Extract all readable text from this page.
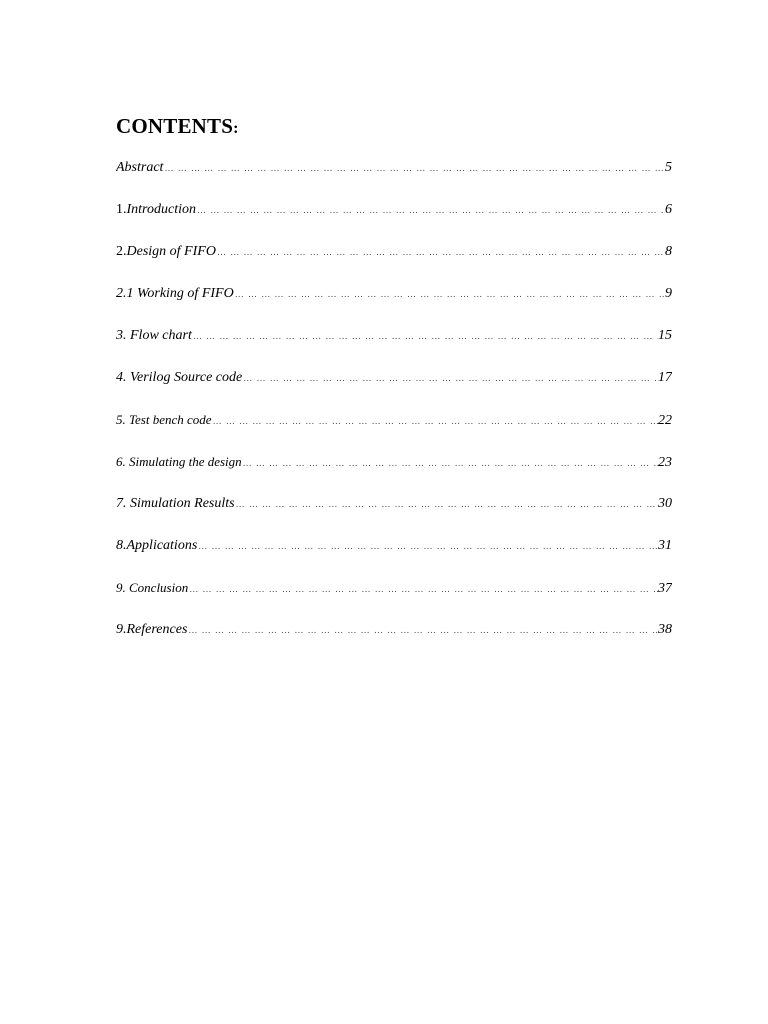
CONTENTS:
Abstract … … … … … … … … … … … … … … … … … … … … … … … … … … … … … … … … … … … … … … … … … … … … … … … … … … … … … … … … … … … … …	5
1. Introduction … … … … … … … … … … … … … … … … … … … … … … … … … … … … … … … … … … … … … … … … … … … … … … … … … … … … … … … … … … … … …	6
2. Design of FIFO … … … … … … … … … … … … … … … … … … … … … … … … … … … … … … … … … … … … … … … … … … … … … … … … … … … … … … … … … … … … …	8
2.1 Working of FIFO … … … … … … … … … … … … … … … … … … … … … … … … … … … … … … … … … … … … … … … … … … … … … … … … … … … … … … … … … … … … …	9
3. Flow chart … … … … … … … … … … … … … … … … … … … … … … … … … … … … … … … … … … … … … … … … … … … … … … … … … … … … … … … … … … … … …	15
4. Verilog Source code … … … … … … … … … … … … … … … … … … … … … … … … … … … … … … … … … … … … … … … … … … … … … … … … … … … … … … … … … … … … …	17
5. Test bench code … … … … … … … … … … … … … … … … … … … … … … … … … … … … … … … … … … … … … … … … … … … … … … … … … … … … … … … … … … … … …	22
6. Simulating the design … … … … … … … … … … … … … … … … … … … … … … … … … … … … … … … … … … … … … … … … … … … … … … … … … … … … … … … … … … … … …	23
7. Simulation Results … … … … … … … … … … … … … … … … … … … … … … … … … … … … … … … … … … … … … … … … … … … … … … … … … … … … … … … … … … … … …	30
8.Applications … … … … … … … … … … … … … … … … … … … … … … … … … … … … … … … … … … … … … … … … … … … … … … … … … … … … … … … … … … … … …	31
9. Conclusion … … … … … … … … … … … … … … … … … … … … … … … … … … … … … … … … … … … … … … … … … … … … … … … … … … … … … … … … … … … … …	37
9.References … … … … … … … … … … … … … … … … … … … … … … … … … … … … … … … … … … … … … … … … … … … … … … … … … … … … … … … … … … … … …	38
